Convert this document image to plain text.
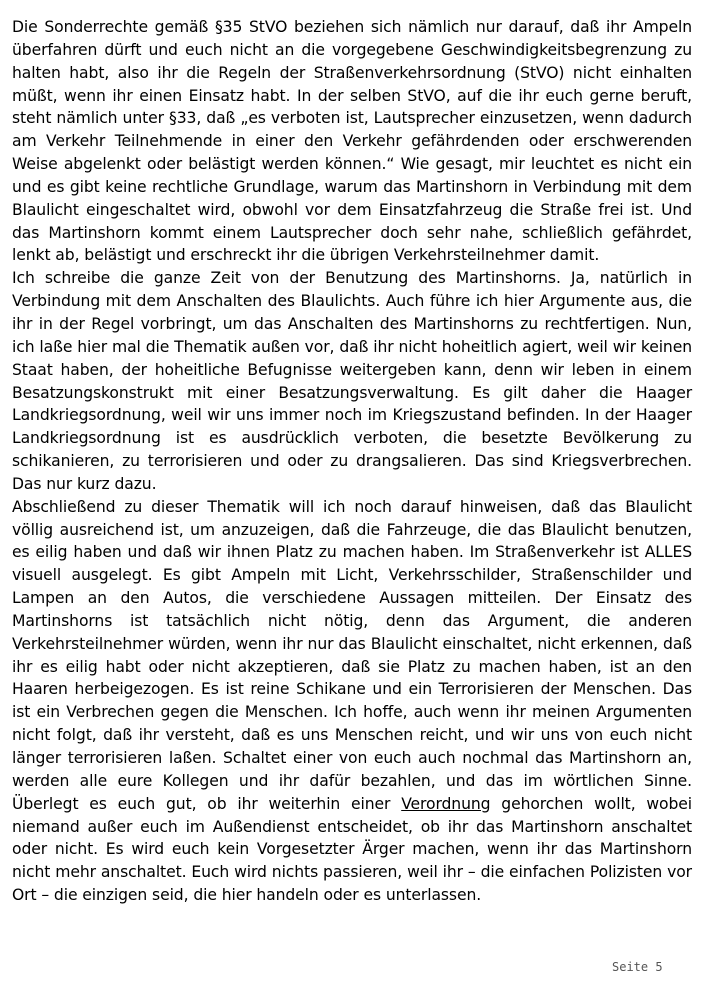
Die Sonderrechte gemäß §35 StVO beziehen sich nämlich nur darauf, daß ihr Ampeln überfahren dürft und euch nicht an die vorgegebene Geschwindigkeitsbegrenzung zu halten habt, also ihr die Regeln der Straßenverkehrsordnung (StVO) nicht einhalten müßt, wenn ihr einen Einsatz habt. In der selben StVO, auf die ihr euch gerne beruft, steht nämlich unter §33, daß „es verboten ist, Lautsprecher einzusetzen, wenn dadurch am Verkehr Teilnehmende in einer den Verkehr gefährdenden oder erschwerenden Weise abgelenkt oder belästigt werden können.“ Wie gesagt, mir leuchtet es nicht ein und es gibt keine rechtliche Grundlage, warum das Martinshorn in Verbindung mit dem Blaulicht eingeschaltet wird, obwohl vor dem Einsatzfahrzeug die Straße frei ist. Und das Martinshorn kommt einem Lautsprecher doch sehr nahe, schließlich gefährdet, lenkt ab, belästigt und erschreckt ihr die übrigen Verkehrsteilnehmer damit.

Ich schreibe die ganze Zeit von der Benutzung des Martinshorns. Ja, natürlich in Verbindung mit dem Anschalten des Blaulichts. Auch führe ich hier Argumente aus, die ihr in der Regel vorbringt, um das Anschalten des Martinshorns zu rechtfertigen. Nun, ich laße hier mal die Thematik außen vor, daß ihr nicht hoheitlich agiert, weil wir keinen Staat haben, der hoheitliche Befugnisse weitergeben kann, denn wir leben in einem Besatzungskonstrukt mit einer Besatzungsverwaltung. Es gilt daher die Haager Landkriegsordnung, weil wir uns immer noch im Kriegszustand befinden. In der Haager Landkriegsordnung ist es ausdrücklich verboten, die besetzte Bevölkerung zu schikanieren, zu terrorisieren und oder zu drangsalieren. Das sind Kriegsverbrechen. Das nur kurz dazu.

Abschließend zu dieser Thematik will ich noch darauf hinweisen, daß das Blaulicht völlig ausreichend ist, um anzuzeigen, daß die Fahrzeuge, die das Blaulicht benutzen, es eilig haben und daß wir ihnen Platz zu machen haben. Im Straßenverkehr ist ALLES visuell ausgelegt. Es gibt Ampeln mit Licht, Verkehrsschilder, Straßenschilder und Lampen an den Autos, die verschiedene Aussagen mitteilen. Der Einsatz des Martinshorns ist tatsächlich nicht nötig, denn das Argument, die anderen Verkehrsteilnehmer würden, wenn ihr nur das Blaulicht einschaltet, nicht erkennen, daß ihr es eilig habt oder nicht akzeptieren, daß sie Platz zu machen haben, ist an den Haaren herbeigezogen. Es ist reine Schikane und ein Terrorisieren der Menschen. Das ist ein Verbrechen gegen die Menschen. Ich hoffe, auch wenn ihr meinen Argumenten nicht folgt, daß ihr versteht, daß es uns Menschen reicht, und wir uns von euch nicht länger terrorisieren laßen. Schaltet einer von euch auch nochmal das Martinshorn an, werden alle eure Kollegen und ihr dafür bezahlen, und das im wörtlichen Sinne. Überlegt es euch gut, ob ihr weiterhin einer Verordnung gehorchen wollt, wobei niemand außer euch im Außendienst entscheidet, ob ihr das Martinshorn anschaltet oder nicht. Es wird euch kein Vorgesetzter Ärger machen, wenn ihr das Martinshorn nicht mehr anschaltet. Euch wird nichts passieren, weil ihr – die einfachen Polizisten vor Ort – die einzigen seid, die hier handeln oder es unterlassen.

Seite 5
